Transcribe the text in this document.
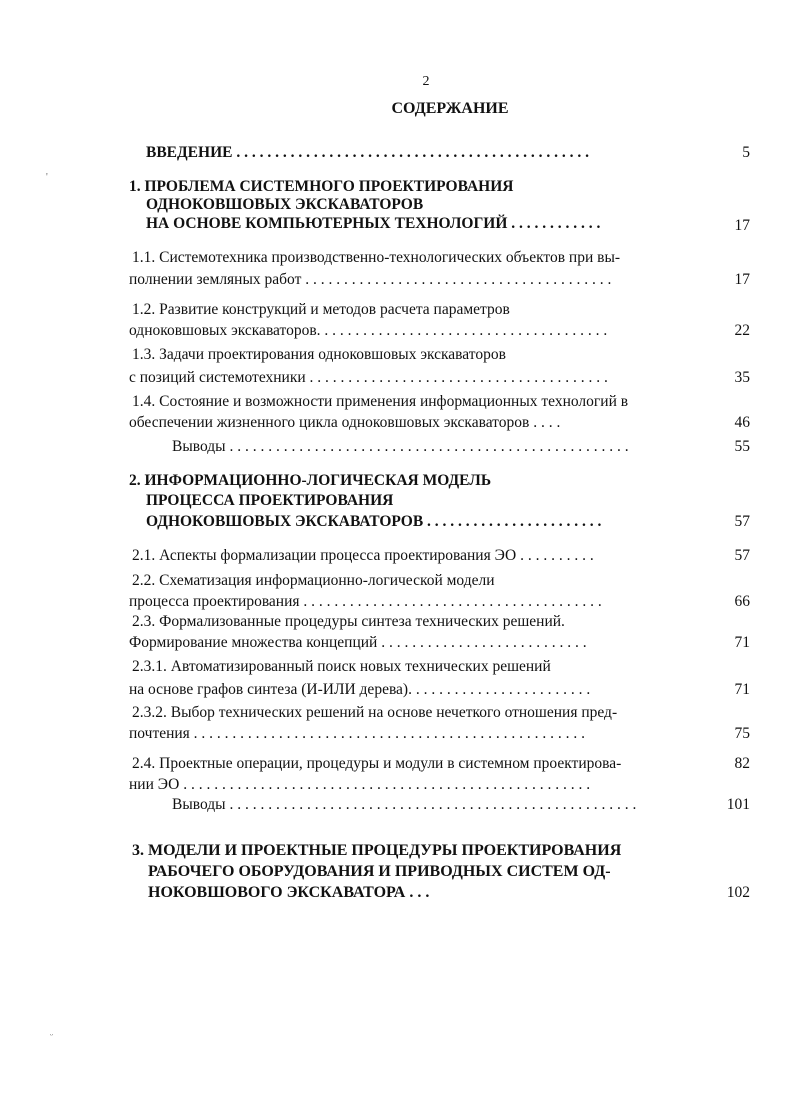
2
СОДЕРЖАНИЕ
'
ᵕ
ВВЕДЕНИЕ . . . . . . . . . . . . . . . . . . . . . . . . . . . . . . . . . . . . . . . . . . . . . .	5
1. ПРОБЛЕМА СИСТЕМНОГО ПРОЕКТИРОВАНИЯ
ОДНОКОВШОВЫХ ЭКСКАВАТОРОВ
НА ОСНОВЕ КОМПЬЮТЕРНЫХ ТЕХНОЛОГИЙ . . . . . . . . . . . .	17
1.1. Системотехника производственно-технологических объектов при вы-
полнении земляных работ . . . . . . . . . . . . . . . . . . . . . . . . . . . . . . . . . . . . . . . .	17
1.2. Развитие конструкций и методов расчета параметров
одноковшовых экскаваторов. . . . . . . . . . . . . . . . . . . . . . . . . . . . . . . . . . . . . .	22
1.3. Задачи проектирования одноковшовых экскаваторов
с позиций системотехники . . . . . . . . . . . . . . . . . . . . . . . . . . . . . . . . . . . . . . .	35
1.4. Состояние и возможности применения информационных технологий в
обеспечении жизненного цикла одноковшовых экскаваторов . . . .	46
Выводы . . . . . . . . . . . . . . . . . . . . . . . . . . . . . . . . . . . . . . . . . . . . . . . . . . . .	55
2. ИНФОРМАЦИОННО-ЛОГИЧЕСКАЯ МОДЕЛЬ
ПРОЦЕССА ПРОЕКТИРОВАНИЯ
ОДНОКОВШОВЫХ ЭКСКАВАТОРОВ . . . . . . . . . . . . . . . . . . . . . . .	57
2.1. Аспекты формализации процесса проектирования ЭО . . . . . . . . . .	57
2.2. Схематизация информационно-логической модели
процесса проектирования . . . . . . . . . . . . . . . . . . . . . . . . . . . . . . . . . . . . . . .	66
2.3. Формализованные процедуры синтеза технических решений.
Формирование множества концепций . . . . . . . . . . . . . . . . . . . . . . . . . . .	71
2.3.1. Автоматизированный поиск новых технических решений
на основе графов синтеза (И-ИЛИ дерева). . . . . . . . . . . . . . . . . . . . . . . .	71
2.3.2. Выбор технических решений на основе нечеткого отношения пред-
почтения . . . . . . . . . . . . . . . . . . . . . . . . . . . . . . . . . . . . . . . . . . . . . . . . . . .	75
2.4. Проектные операции, процедуры и модули в системном проектирова-	82
нии ЭО . . . . . . . . . . . . . . . . . . . . . . . . . . . . . . . . . . . . . . . . . . . . . . . . . . . . .
Выводы . . . . . . . . . . . . . . . . . . . . . . . . . . . . . . . . . . . . . . . . . . . . . . . . . . . . .	101
3. МОДЕЛИ И ПРОЕКТНЫЕ ПРОЦЕДУРЫ ПРОЕКТИРОВАНИЯ
РАБОЧЕГО ОБОРУДОВАНИЯ И ПРИВОДНЫХ СИСТЕМ ОД-
НОКОВШОВОГО ЭКСКАВАТОРА . . .	102
